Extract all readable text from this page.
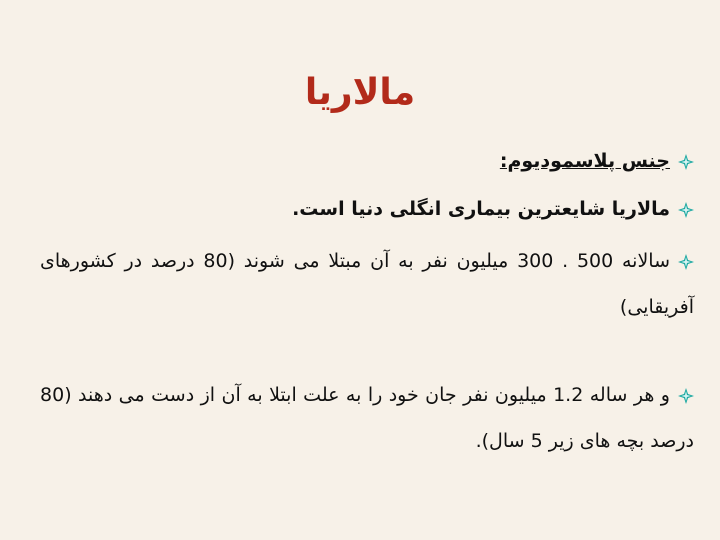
مالاریا
جنس پلاسمودیوم:
مالاریا شایعترین بیماری انگلی دنیا است.
سالانه 500 . 300 میلیون نفر به آن مبتلا می شوند (80 درصد در کشورهای آفریقایی)
و هر ساله 1.2 میلیون نفر جان خود را به علت ابتلا به آن از دست می دهند (80 درصد بچه های زیر 5 سال).
